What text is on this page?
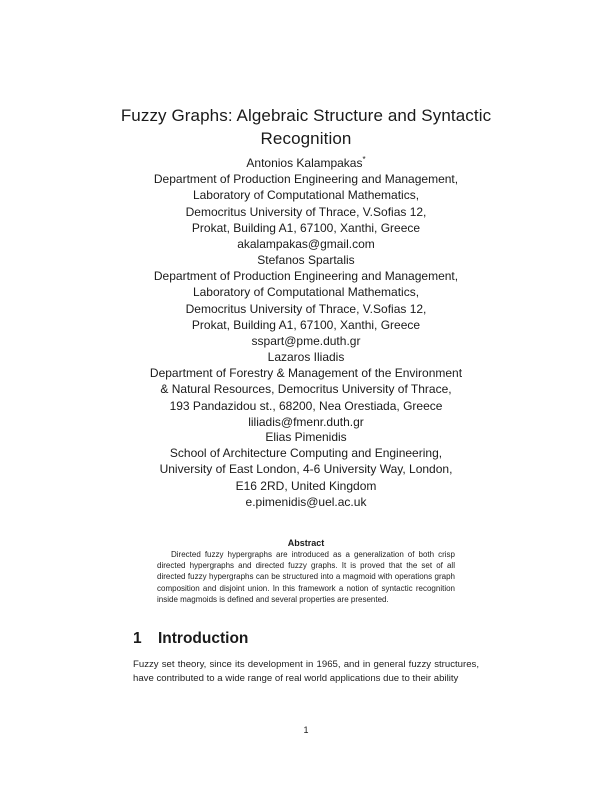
Fuzzy Graphs: Algebraic Structure and Syntactic Recognition
Antonios Kalampakas*
Department of Production Engineering and Management,
Laboratory of Computational Mathematics,
Democritus University of Thrace, V.Sofias 12,
Prokat, Building A1, 67100, Xanthi, Greece
akalampakas@gmail.com
Stefanos Spartalis
Department of Production Engineering and Management,
Laboratory of Computational Mathematics,
Democritus University of Thrace, V.Sofias 12,
Prokat, Building A1, 67100, Xanthi, Greece
sspart@pme.duth.gr
Lazaros Iliadis
Department of Forestry & Management of the Environment
& Natural Resources, Democritus University of Thrace,
193 Pandazidou st., 68200, Nea Orestiada, Greece
liliadis@fmenr.duth.gr
Elias Pimenidis
School of Architecture Computing and Engineering,
University of East London, 4-6 University Way, London,
E16 2RD, United Kingdom
e.pimenidis@uel.ac.uk
Abstract
Directed fuzzy hypergraphs are introduced as a generalization of both crisp directed hypergraphs and directed fuzzy graphs. It is proved that the set of all directed fuzzy hypergraphs can be structured into a magmoid with operations graph composition and disjoint union. In this framework a notion of syntactic recognition inside magmoids is defined and several properties are presented.
1 Introduction
Fuzzy set theory, since its development in 1965, and in general fuzzy structures, have contributed to a wide range of real world applications due to their ability
1
